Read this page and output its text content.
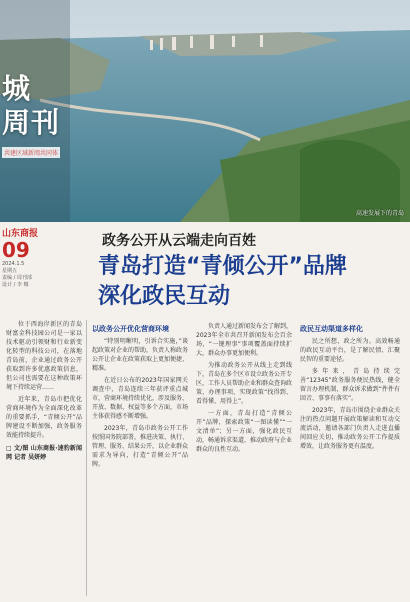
城
周刊
共建区域新阅共同体
高速发展下的青岛
山东商报
09
2024.1.5
星期五
责编 / 周刊部
设计 / 李 娜
政务公开从云端走向百姓
青岛打造“青倾公开”品牌
深化政民互动

位于西海岸新区的青岛财富金科技园公司是一家以技术驱动引领财和行业新变化转型的科技公司，在落地青岛前，企业通过政务公开获取到许多优惠政策信息，但公司也需要在这种政策环境下持续运营……

近年来，青岛市把优化营商环境作为全面深化改革的重要抓手，“青倾公开”品牌建设不断加强，政务服务效能持续提升。

□ 文/图 山东商报·速豹新闻网 记者 吴妍婷
以政务公开优化营商环境

“特别明晰明，引诉合实施，”谈起政策对企业的帮助，负责人称政务公开让企业在政策获取上更加便捷、精准。

在近日公布的2023年国家网关调查中，青岛连续三年获评重点城市，营商环境持续优化，涉及服务、开放、数据、权益等多个方面，市场主体获得感不断增强。

2023年，青岛市政务公开工作按照国务院部署，推进决策、执行、管理、服务、结果公开，以企业群众需求为导向，打造“青倾公开”品牌。

负责人通过新闻发布会了解到，2023年全市共召开新闻发布会百余场，“一键理事”事项覆盖面持续扩大，群众办事更加便利。

为推动政务公开从线上走到线下，青岛在多个区市设立政务公开专区，工作人员帮助企业和群众查询政策、办理事项，实现政策“找得到、看得懂、用得上”。

一方面，青岛打造“青倾公开”品牌，探索政策“一图读懂”“一文清单”；另一方面，强化政民互动，畅通诉求渠道，推动政府与企业群众的良性互动。

政民互动渠道多样化

民之所想，政之所为。高效畅通的政民互动平台，是了解民情、汇聚民智的重要途径。

多年来，青岛持续完善“12345”政务服务便民热线，健全留言办理机制，群众诉求做到“件件有回音、事事有落实”。

2023年，青岛市围绕企业群众关注的热点问题开展政策解读和互动交流活动，邀请各部门负责人走进直播间回应关切，推动政务公开工作提质增效，让政务服务更有温度。
